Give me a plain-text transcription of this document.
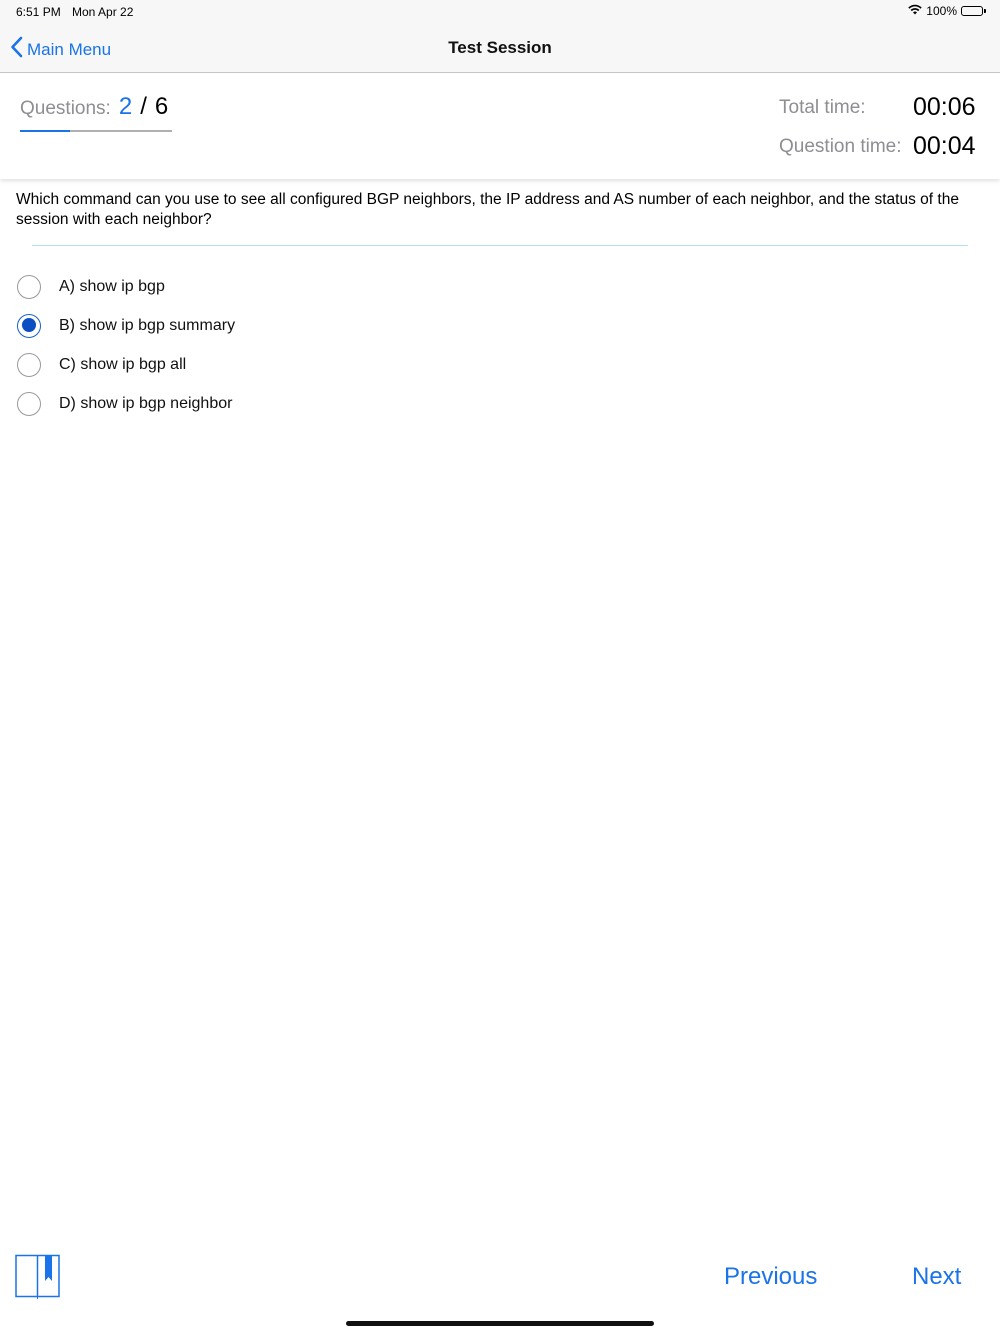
6:51 PM Mon Apr 22	100%
Main Menu	Test Session
Questions: 2 / 6	Total time: 00:06
Question time: 00:04
Which command can you use to see all configured BGP neighbors, the IP address and AS number of each neighbor, and the status of the session with each neighbor?
A) show ip bgp
B) show ip bgp summary
C) show ip bgp all
D) show ip bgp neighbor
Previous	Next
